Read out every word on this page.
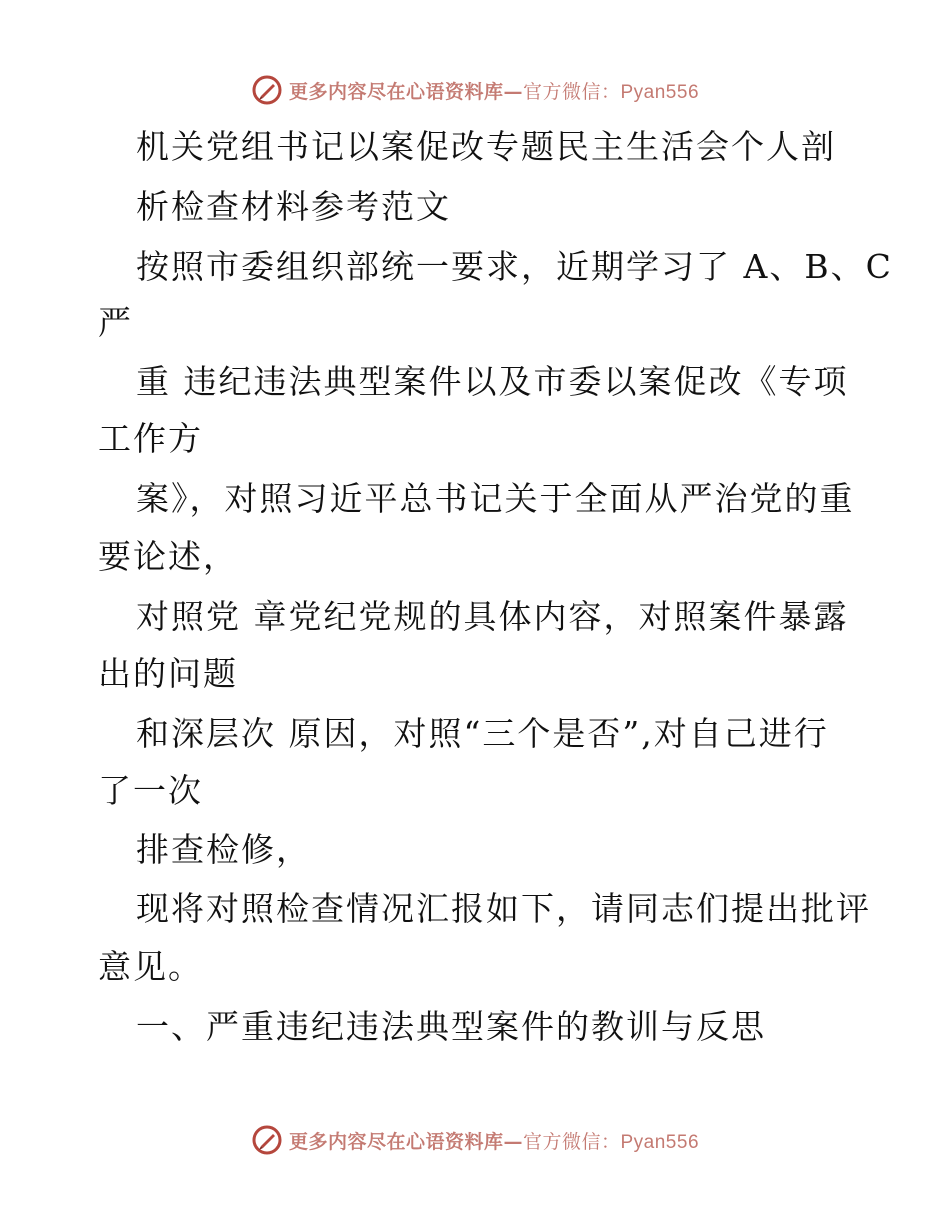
更多内容尽在心语资料库—官方微信：Pyan556
机关党组书记以案促改专题民主生活会个人剖
析检查材料参考范文
按照市委组织部统一要求，近期学习了 A、B、C
严
重 违纪违法典型案件以及市委以案促改《专项
工作方
案》，对照习近平总书记关于全面从严治党的重
要论述，
对照党 章党纪党规的具体内容，对照案件暴露
出的问题
和深层次 原因，对照“三个是否”,对自己进行
了一次
排查检修，
现将对照检查情况汇报如下，请同志们提出批评
意见。
一、严重违纪违法典型案件的教训与反思
更多内容尽在心语资料库—官方微信：Pyan556
